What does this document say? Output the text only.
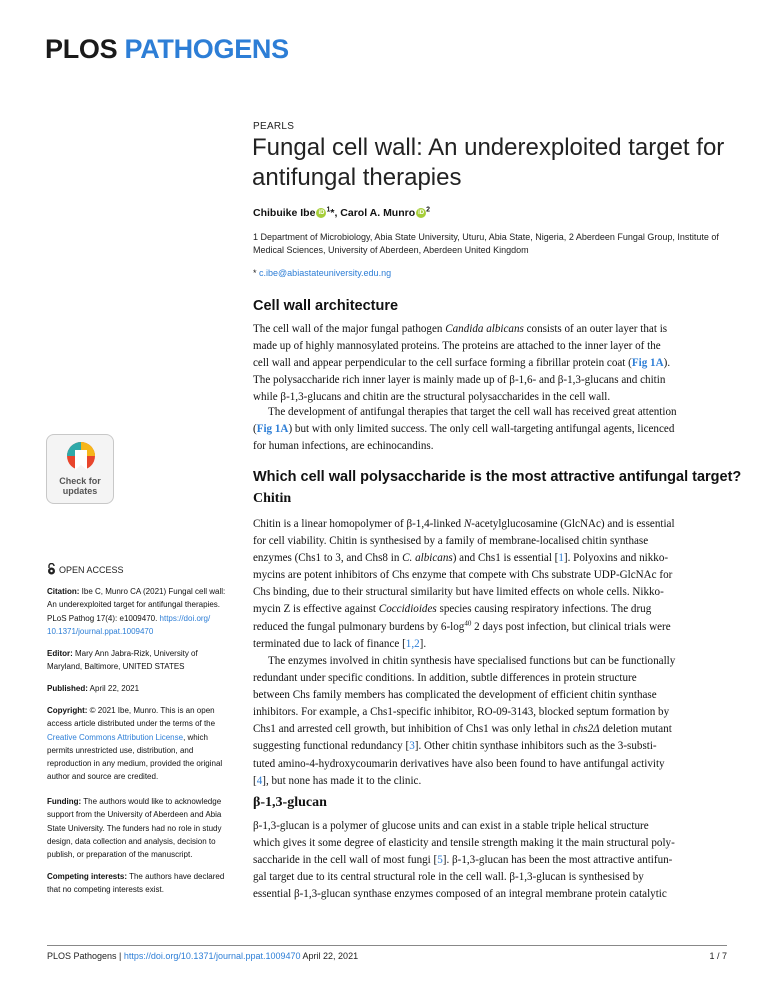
PLOS PATHOGENS
PEARLS
Fungal cell wall: An underexploited target for antifungal therapies
Chibuike Ibe iD $^1$*, Carol A. Munro iD $^2$
1 Department of Microbiology, Abia State University, Uturu, Abia State, Nigeria, 2 Aberdeen Fungal Group, Institute of Medical Sciences, University of Aberdeen, Aberdeen United Kingdom
* c.ibe@abiastateuniversity.edu.ng
Cell wall architecture
The cell wall of the major fungal pathogen Candida albicans consists of an outer layer that is
made up of highly mannosylated proteins. The proteins are attached to the inner layer of the
cell wall and appear perpendicular to the cell surface forming a fibrillar protein coat (Fig 1A).
The polysaccharide rich inner layer is mainly made up of β-1,6- and β-1,3-glucans and chitin
while β-1,3-glucans and chitin are the structural polysaccharides in the cell wall.
The development of antifungal therapies that target the cell wall has received great attention
(Fig 1A) but with only limited success. The only cell wall-targeting antifungal agents, licenced
for human infections, are echinocandins.
Which cell wall polysaccharide is the most attractive antifungal target?
Chitin
Chitin is a linear homopolymer of β-1,4-linked N-acetylglucosamine (GlcNAc) and is essential
for cell viability. Chitin is synthesised by a family of membrane-localised chitin synthase
enzymes (Chs1 to 3, and Chs8 in C. albicans) and Chs1 is essential [1]. Polyoxins and nikko-
mycins are potent inhibitors of Chs enzyme that compete with Chs substrate UDP-GlcNAc for
Chs binding, due to their structural similarity but have limited effects on whole cells. Nikko-
mycin Z is effective against Coccidioides species causing respiratory infections. The drug
reduced the fungal pulmonary burdens by $6-\log^{40}$ 2 days post infection, but clinical trials were
terminated due to lack of finance [1,2].
The enzymes involved in chitin synthesis have specialised functions but can be functionally
redundant under specific conditions. In addition, subtle differences in protein structure
between Chs family members has complicated the development of efficient chitin synthase
inhibitors. For example, a Chs1-specific inhibitor, RO-09-3143, blocked septum formation by
Chs1 and arrested cell growth, but inhibition of Chs1 was only lethal in chs2Δ deletion mutant
suggesting functional redundancy [3]. Other chitin synthase inhibitors such as the 3-substi-
tuted amino-4-hydroxycoumarin derivatives have also been found to have antifungal activity
[4], but none has made it to the clinic.
β-1,3-glucan
β-1,3-glucan is a polymer of glucose units and can exist in a stable triple helical structure
which gives it some degree of elasticity and tensile strength making it the main structural poly-
saccharide in the cell wall of most fungi [5]. β-1,3-glucan has been the most attractive antifun-
gal target due to its central structural role in the cell wall. β-1,3-glucan is synthesised by
essential β-1,3-glucan synthase enzymes composed of an integral membrane protein catalytic
Check for
updates
OPEN ACCESS
Citation: Ibe C, Munro CA (2021) Fungal cell wall:
An underexploited target for antifungal therapies.
PLoS Pathog 17(4): e1009470. https://doi.org/
10.1371/journal.ppat.1009470
Editor: Mary Ann Jabra-Rizk, University of
Maryland, Baltimore, UNITED STATES
Published: April 22, 2021
Copyright: © 2021 Ibe, Munro. This is an open
access article distributed under the terms of the
Creative Commons Attribution License, which
permits unrestricted use, distribution, and
reproduction in any medium, provided the original
author and source are credited.
Funding: The authors would like to acknowledge
support from the University of Aberdeen and Abia
State University. The funders had no role in study
design, data collection and analysis, decision to
publish, or preparation of the manuscript.
Competing interests: The authors have declared
that no competing interests exist.
PLOS Pathogens | https://doi.org/10.1371/journal.ppat.1009470 April 22, 2021	1 / 7
